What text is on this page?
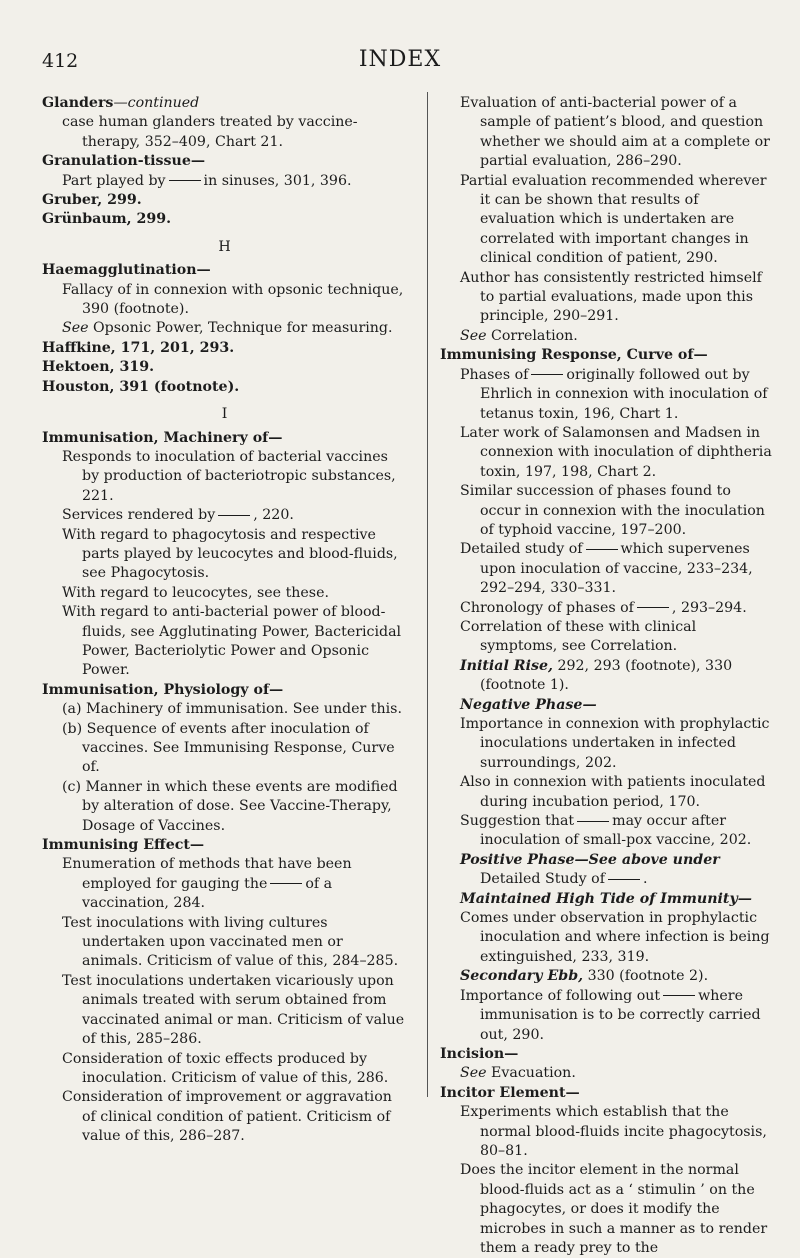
412	INDEX
Glanders—continued
case human glanders treated by vaccine-therapy, 352–409, Chart 21.
Granulation-tissue—
Part played by	in sinuses, 301, 396.
Gruber, 299.
Grünbaum, 299.
H
Haemagglutination—
Fallacy of in connexion with opsonic technique, 390 (footnote).
See Opsonic Power, Technique for measuring.
Haffkine, 171, 201, 293.
Hektoen, 319.
Houston, 391 (footnote).
I
Immunisation, Machinery of—
Responds to inoculation of bacterial vaccines by production of bacteriotropic substances, 221.
Services rendered by	, 220.
With regard to phagocytosis and respective parts played by leucocytes and blood-fluids, see Phagocytosis.
With regard to leucocytes, see these.
With regard to anti-bacterial power of blood-fluids, see Agglutinating Power, Bactericidal Power, Bacteriolytic Power and Opsonic Power.
Immunisation, Physiology of—
(a) Machinery of immunisation. See under this.
(b) Sequence of events after inoculation of vaccines. See Immunising Response, Curve of.
(c) Manner in which these events are modified by alteration of dose. See Vaccine-Therapy, Dosage of Vaccines.
Immunising Effect—
Enumeration of methods that have been employed for gauging the	of a vaccination, 284.
Test inoculations with living cultures undertaken upon vaccinated men or animals. Criticism of value of this, 284–285.
Test inoculations undertaken vicariously upon animals treated with serum obtained from vaccinated animal or man. Criticism of value of this, 285–286.
Consideration of toxic effects produced by inoculation. Criticism of value of this, 286.
Consideration of improvement or aggravation of clinical condition of patient. Criticism of value of this, 286–287.
Evaluation of anti-bacterial power of a sample of patient’s blood, and question whether we should aim at a complete or partial evaluation, 286–290.
Partial evaluation recommended wherever it can be shown that results of evaluation which is undertaken are correlated with important changes in clinical condition of patient, 290.
Author has consistently restricted himself to partial evaluations, made upon this principle, 290–291.
See Correlation.
Immunising Response, Curve of—
Phases of	originally followed out by Ehrlich in connexion with inoculation of tetanus toxin, 196, Chart 1.
Later work of Salamonsen and Madsen in connexion with inoculation of diphtheria toxin, 197, 198, Chart 2.
Similar succession of phases found to occur in connexion with the inoculation of typhoid vaccine, 197–200.
Detailed study of	which supervenes upon inoculation of vaccine, 233–234, 292–294, 330–331.
Chronology of phases of	, 293–294.
Correlation of these with clinical symptoms, see Correlation.
Initial Rise, 292, 293 (footnote), 330 (footnote 1).
Negative Phase—
Importance in connexion with prophylactic inoculations undertaken in infected surroundings, 202.
Also in connexion with patients inoculated during incubation period, 170.
Suggestion that	may occur after inoculation of small-pox vaccine, 202.
Positive Phase—See above under Detailed Study of	.
Maintained High Tide of Immunity—
Comes under observation in prophylactic inoculation and where infection is being extinguished, 233, 319.
Secondary Ebb, 330 (footnote 2).
Importance of following out	where immunisation is to be correctly carried out, 290.
Incision—
See Evacuation.
Incitor Element—
Experiments which establish that the normal blood-fluids incite phagocytosis, 80–81.
Does the incitor element in the normal blood-fluids act as a ‘ stimulin ’ on the phagocytes, or does it modify the microbes in such a manner as to render them a ready prey to the
